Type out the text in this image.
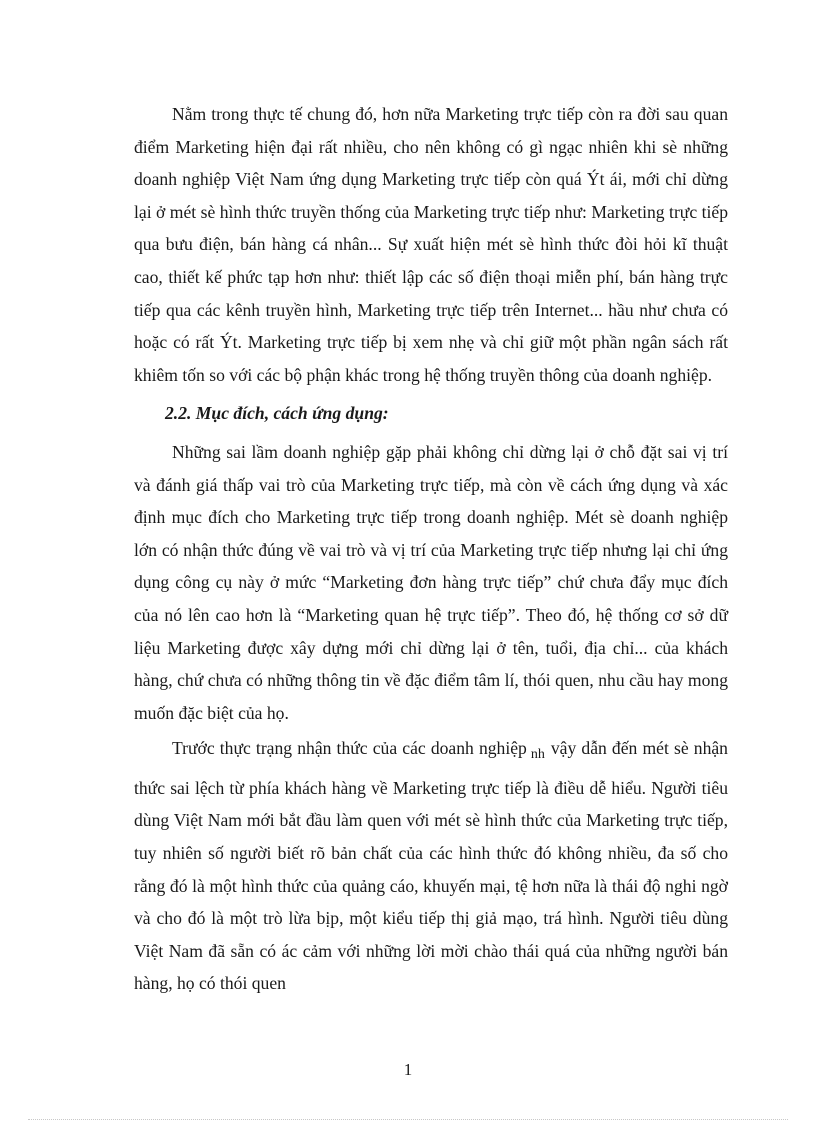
Nằm trong thực tế chung đó, hơn nữa Marketing trực tiếp còn ra đời sau quan điểm Marketing hiện đại rất nhiều, cho nên không có gì ngạc nhiên khi sè những doanh nghiệp Việt Nam ứng dụng Marketing trực tiếp còn quá Ýt ái, mới chỉ dừng lại ở mét sè hình thức truyền thống của Marketing trực tiếp như: Marketing trực tiếp qua bưu điện, bán hàng cá nhân... Sự xuất hiện mét sè hình thức đòi hỏi kĩ thuật cao, thiết kế phức tạp hơn như: thiết lập các số điện thoại miễn phí, bán hàng trực tiếp qua các kênh truyền hình, Marketing trực tiếp trên Internet... hầu như chưa có hoặc có rất Ýt. Marketing trực tiếp bị xem nhẹ và chỉ giữ một phần ngân sách rất khiêm tốn so với các bộ phận khác trong hệ thống truyền thông của doanh nghiệp.

2.2. Mục đích, cách ứng dụng:

Những sai lầm doanh nghiệp gặp phải không chỉ dừng lại ở chỗ đặt sai vị trí và đánh giá thấp vai trò của Marketing trực tiếp, mà còn về cách ứng dụng và xác định mục đích cho Marketing trực tiếp trong doanh nghiệp. Mét sè doanh nghiệp lớn có nhận thức đúng về vai trò và vị trí của Marketing trực tiếp nhưng lại chỉ ứng dụng công cụ này ở mức “Marketing đơn hàng trực tiếp” chứ chưa đẩy mục đích của nó lên cao hơn là “Marketing quan hệ trực tiếp”. Theo đó, hệ thống cơ sở dữ liệu Marketing được xây dựng mới chỉ dừng lại ở tên, tuổi, địa chỉ... của khách hàng, chứ chưa có những thông tin về đặc điểm tâm lí, thói quen, nhu cầu hay mong muốn đặc biệt của họ.

Trước thực trạng nhận thức của các doanh nghiệp $_{nh}$ vậy dẫn đến mét sè nhận thức sai lệch từ phía khách hàng về Marketing trực tiếp là điều dễ hiểu. Người tiêu dùng Việt Nam mới bắt đầu làm quen với mét sè hình thức của Marketing trực tiếp, tuy nhiên số người biết rõ bản chất của các hình thức đó không nhiều, đa số cho rằng đó là một hình thức của quảng cáo, khuyến mại, tệ hơn nữa là thái độ nghi ngờ và cho đó là một trò lừa bịp, một kiểu tiếp thị giả mạo, trá hình. Người tiêu dùng Việt Nam đã sẵn có ác cảm với những lời mời chào thái quá của những người bán hàng, họ có thói quen

1
